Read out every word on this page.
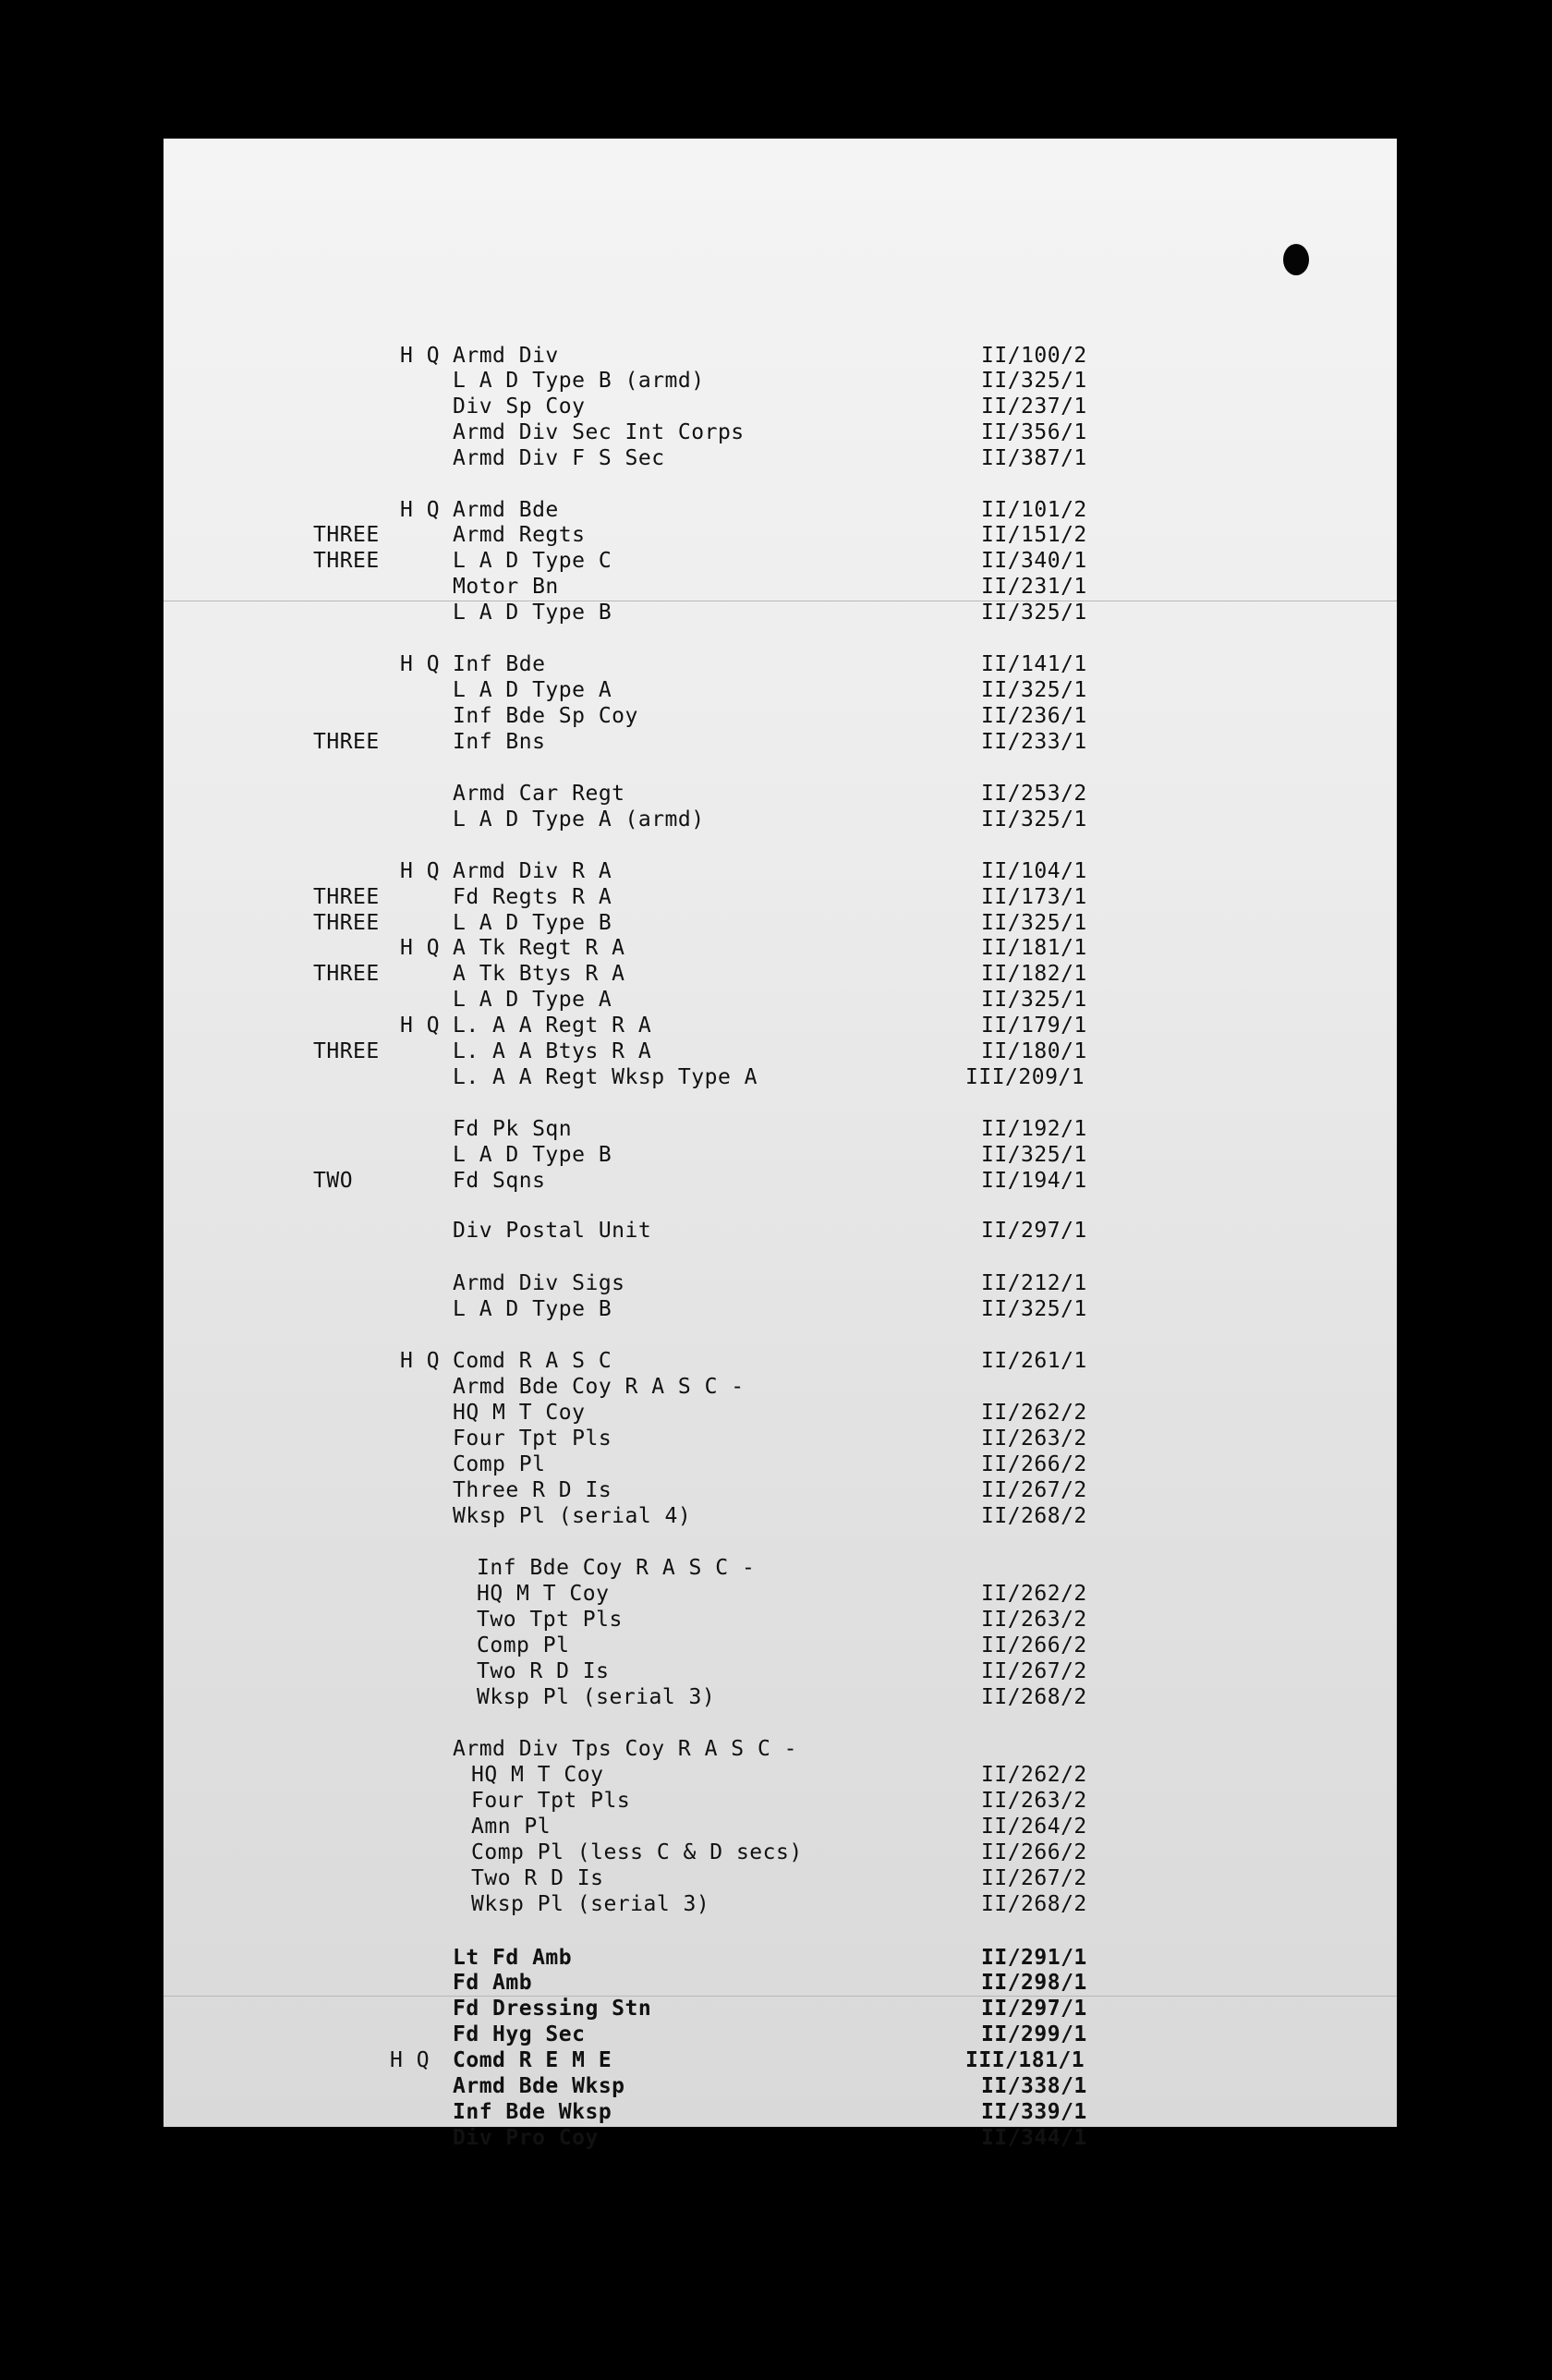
H Q Armd Div	II/100/2
L A D Type B (armd)	II/325/1
Div Sp Coy	II/237/1
Armd Div Sec Int Corps	II/356/1
Armd Div F S Sec	II/387/1
H Q Armd Bde	II/101/2
THREE	Armd Regts	II/151/2
THREE	L A D Type C	II/340/1
Motor Bn	II/231/1
L A D Type B	II/325/1
H Q Inf Bde	II/141/1
L A D Type A	II/325/1
Inf Bde Sp Coy	II/236/1
THREE	Inf Bns	II/233/1
Armd Car Regt	II/253/2
L A D Type A (armd)	II/325/1
H Q Armd Div R A	II/104/1
THREE	Fd Regts R A	II/173/1
THREE	L A D Type B	II/325/1
H Q A Tk Regt R A	II/181/1
THREE	A Tk Btys R A	II/182/1
L A D Type A	II/325/1
H Q L. A A Regt R A	II/179/1
THREE	L. A A Btys R A	II/180/1
L. A A Regt Wksp Type A	III/209/1
Fd Pk Sqn	II/192/1
L A D Type B	II/325/1
TWO	Fd Sqns	II/194/1
Div Postal Unit	II/297/1
Armd Div Sigs	II/212/1
L A D Type B	II/325/1
H Q Comd R A S C	II/261/1
Armd Bde Coy R A S C -
HQ M T Coy	II/262/2
Four Tpt Pls	II/263/2
Comp Pl	II/266/2
Three R D Is	II/267/2
Wksp Pl (serial 4)	II/268/2
Inf Bde Coy R A S C -
HQ M T Coy	II/262/2
Two Tpt Pls	II/263/2
Comp Pl	II/266/2
Two R D Is	II/267/2
Wksp Pl (serial 3)	II/268/2
Armd Div Tps Coy R A S C -
HQ M T Coy	II/262/2
Four Tpt Pls	II/263/2
Amn Pl	II/264/2
Comp Pl (less C & D secs)	II/266/2
Two R D Is	II/267/2
Wksp Pl (serial 3)	II/268/2
Lt Fd Amb	II/291/1
Fd Amb	II/298/1
Fd Dressing Stn	II/297/1
Fd Hyg Sec	II/299/1
H Q Comd R E M E	III/181/1
Armd Bde Wksp	II/338/1
Inf Bde Wksp	II/339/1
Div Pro Coy	II/344/1
